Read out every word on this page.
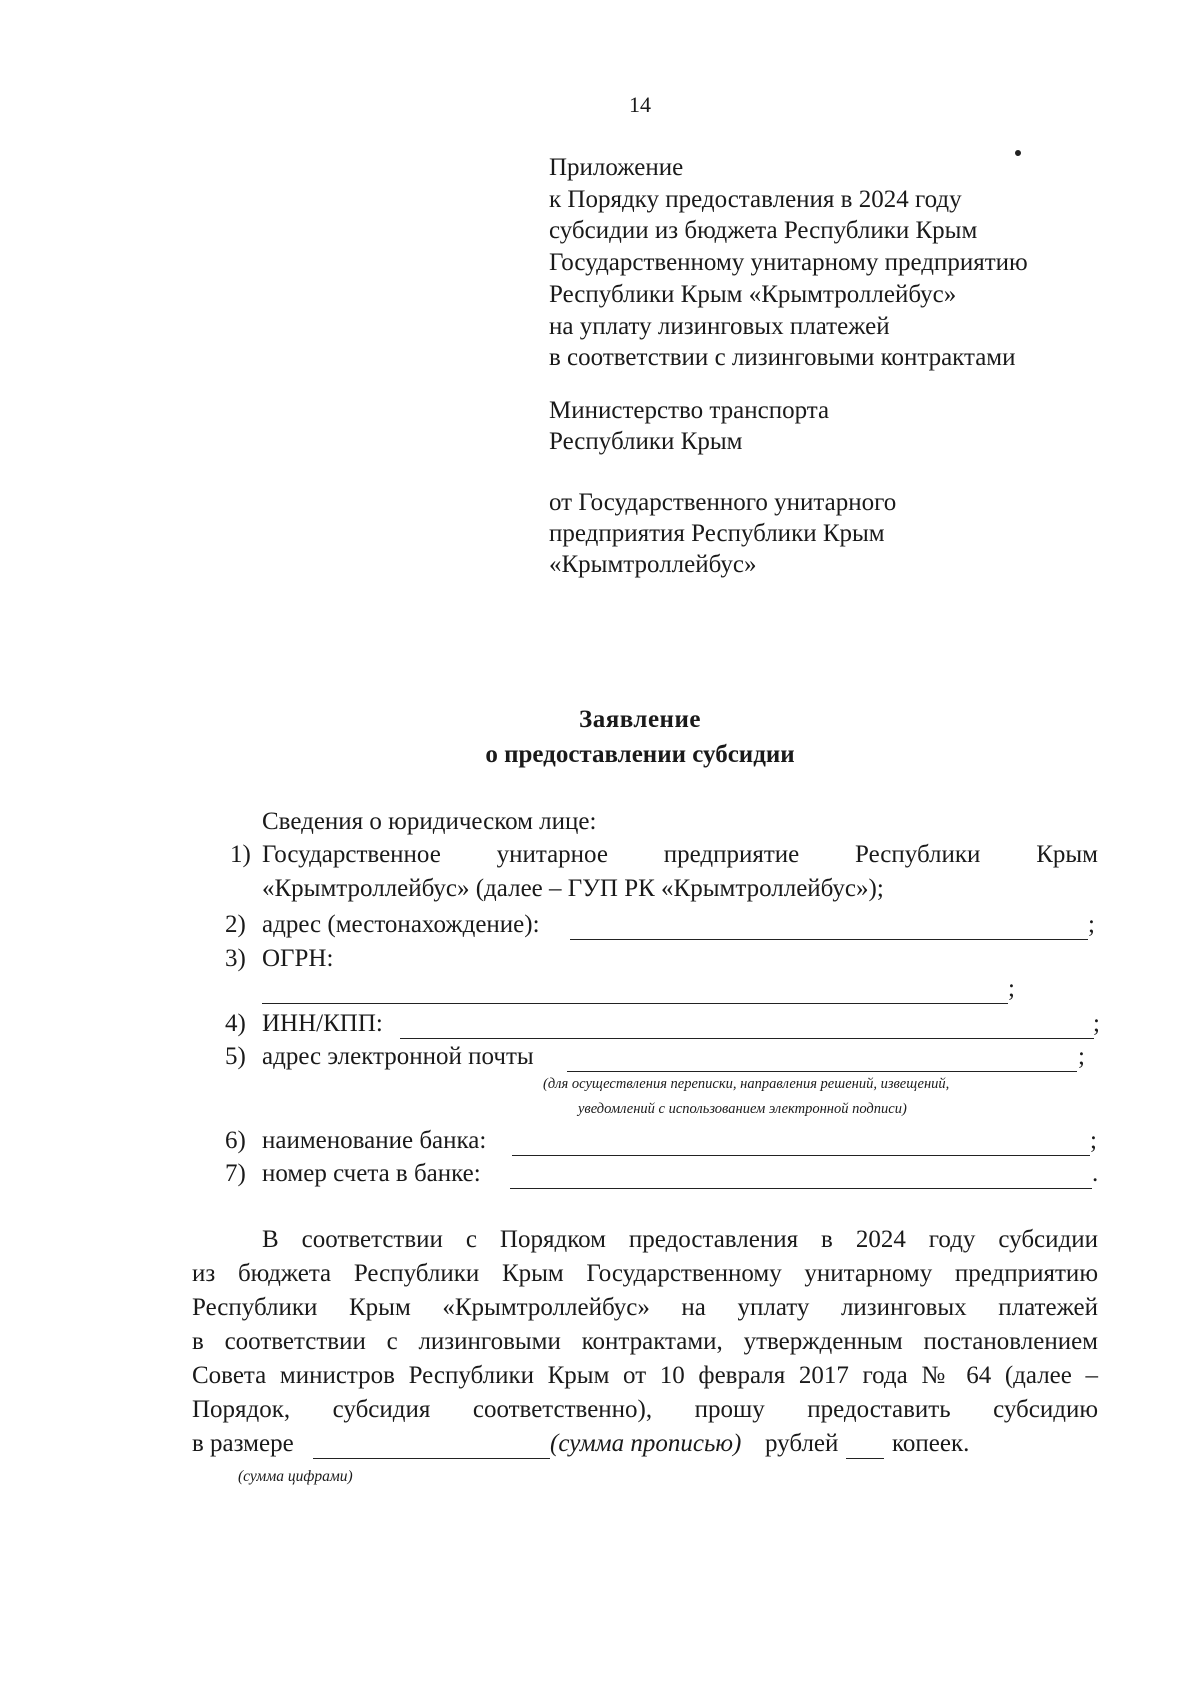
14
Приложение
к Порядку предоставления в 2024 году
субсидии из бюджета Республики Крым
Государственному унитарному предприятию
Республики Крым «Крымтроллейбус»
на уплату лизинговых платежей
в соответствии с лизинговыми контрактами
Министерство транспорта
Республики Крым
от Государственного унитарного
предприятия Республики Крым
«Крымтроллейбус»
Заявление
о предоставлении субсидии
Сведения о юридическом лице:
1) Государственное унитарное предприятие Республики Крым
«Крымтроллейбус» (далее – ГУП РК «Крымтроллейбус»);
2) адрес (местонахождение):	;
3) ОГРН:
;
4) ИНН/КПП:	;
5) адрес электронной почты	;
(для осуществления переписки, направления решений, извещений,
уведомлений с использованием электронной подписи)
6) наименование банка:	;
7) номер счета в банке:	.
В соответствии с Порядком предоставления в 2024 году субсидии
из бюджета Республики Крым Государственному унитарному предприятию
Республики Крым «Крымтроллейбус» на уплату лизинговых платежей
в соответствии с лизинговыми контрактами, утвержденным постановлением
Совета министров Республики Крым от 10 февраля 2017 года № 64 (далее –
Порядок, субсидия соответственно), прошу предоставить субсидию
в размере	(сумма прописью) рублей копеек.
(сумма цифрами)
